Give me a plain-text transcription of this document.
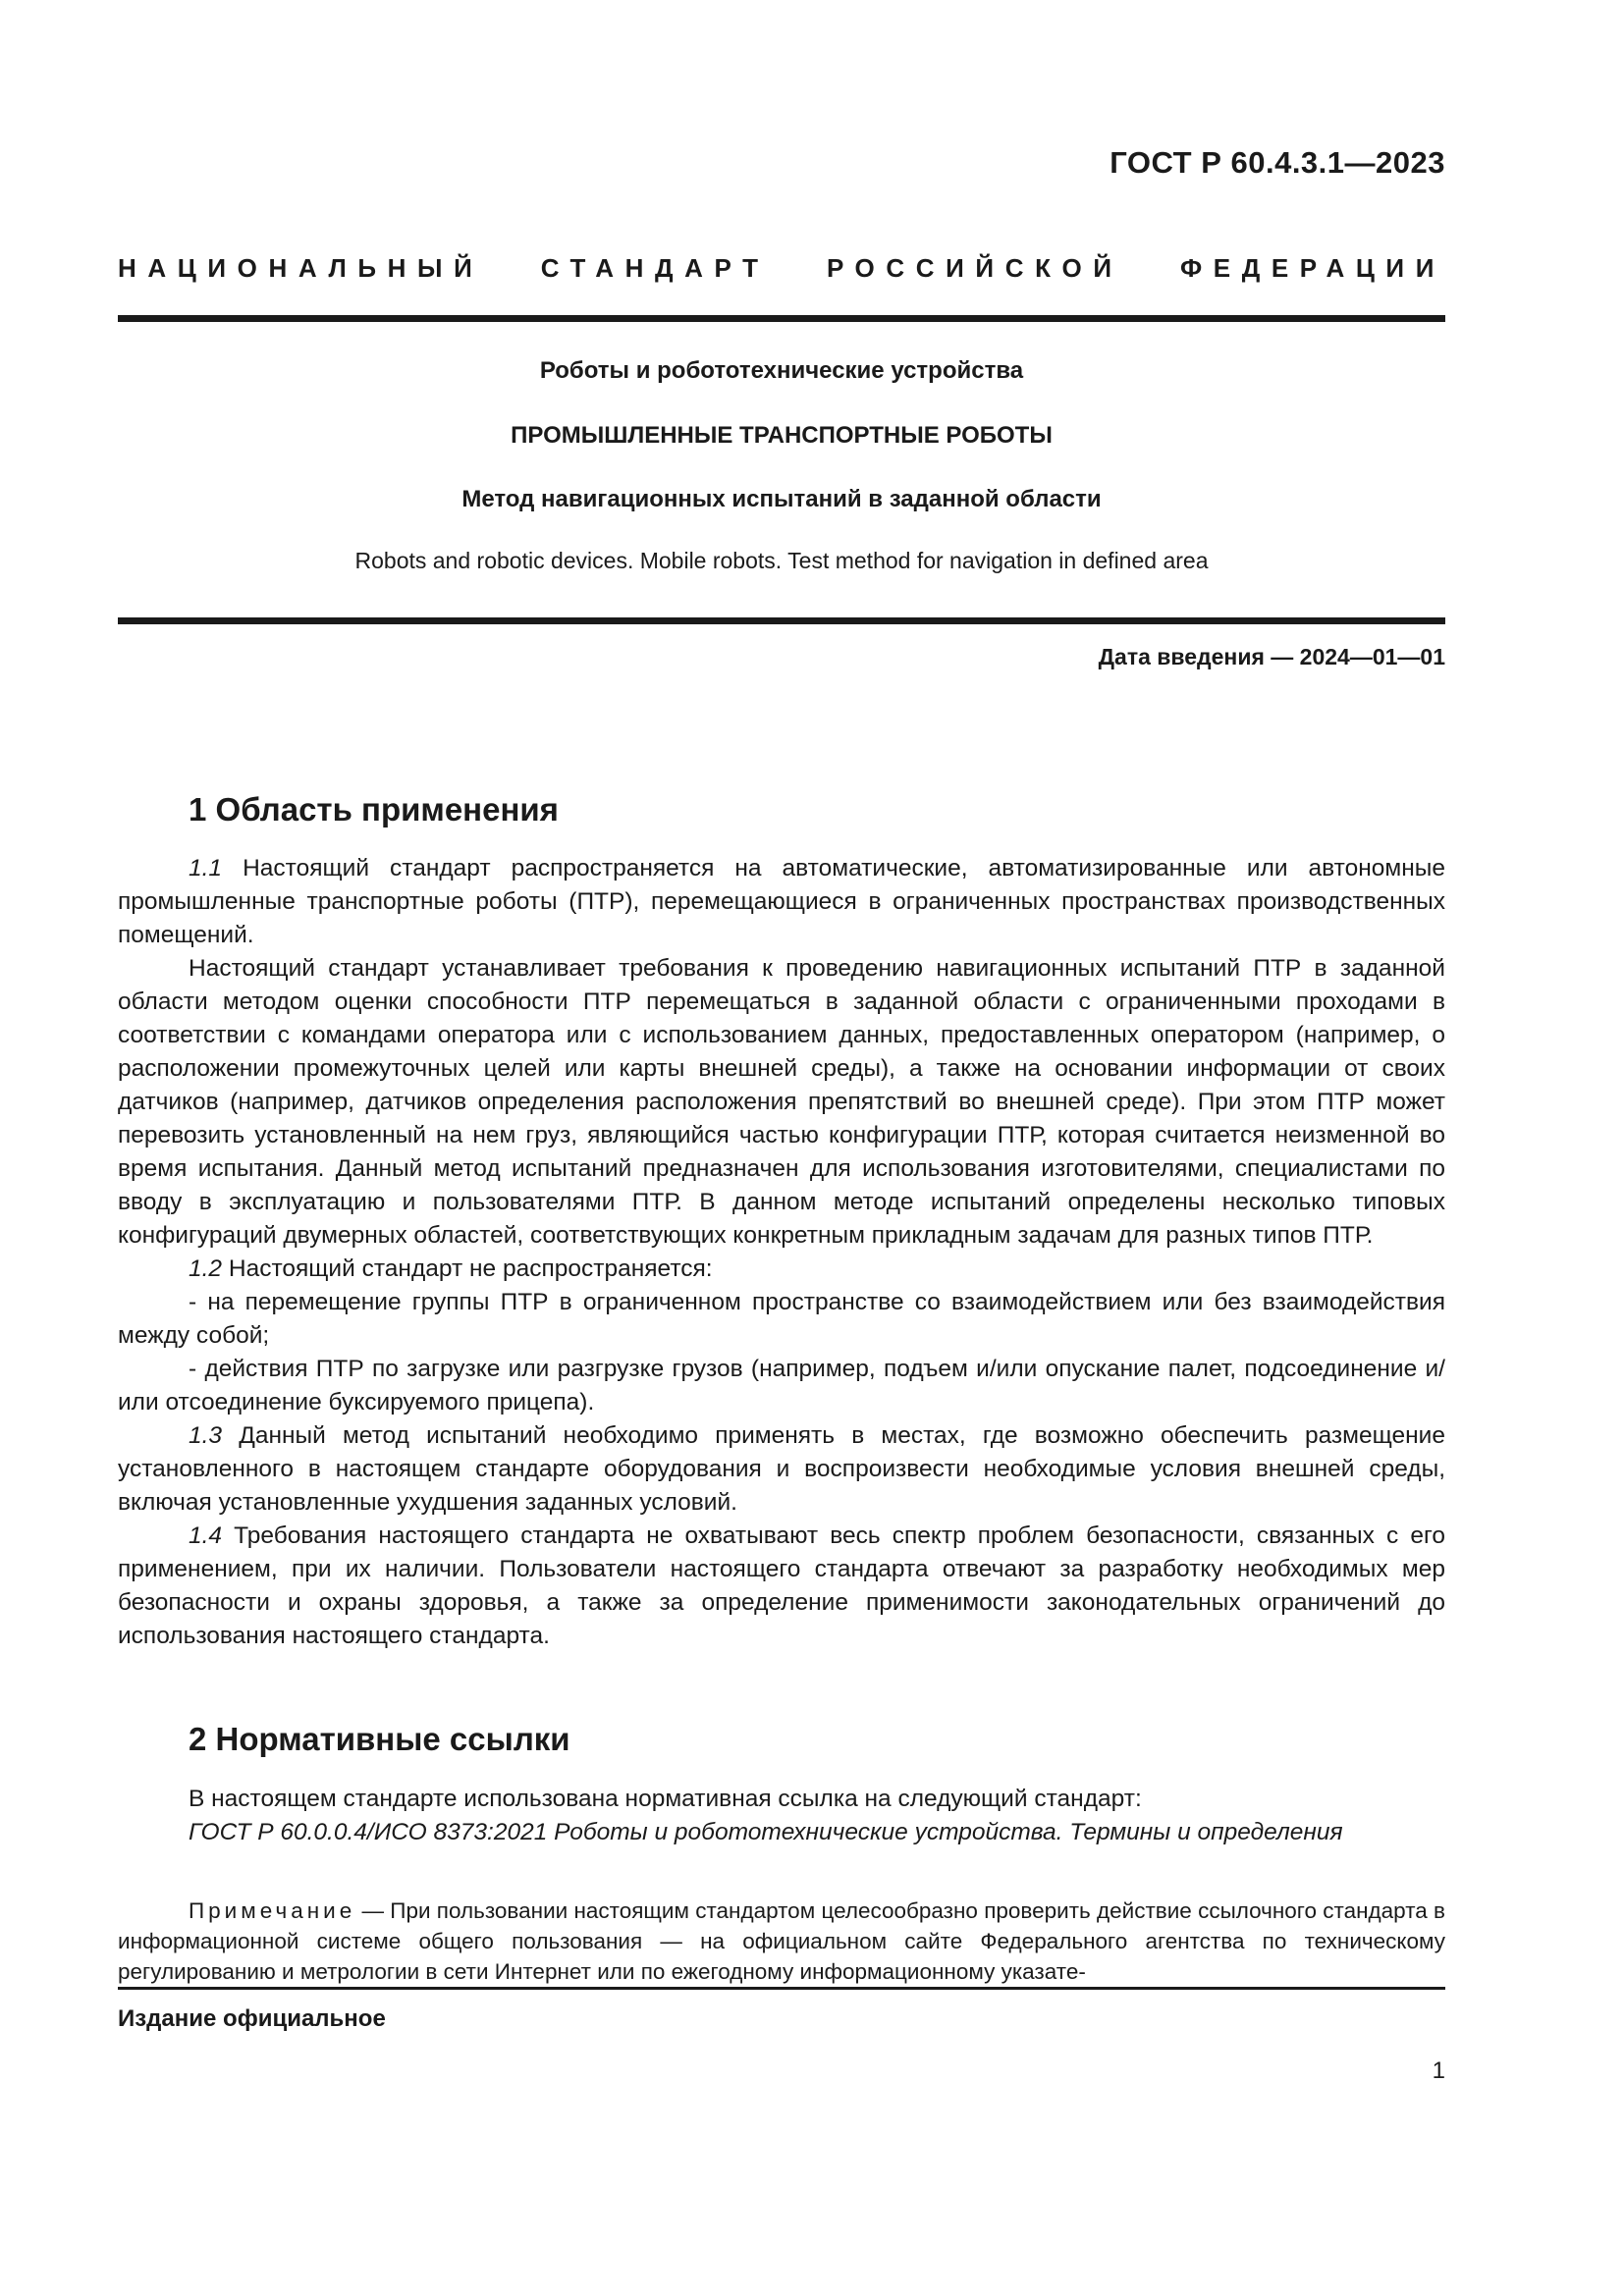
ГОСТ Р 60.4.3.1—2023
НАЦИОНАЛЬНЫЙ СТАНДАРТ РОССИЙСКОЙ ФЕДЕРАЦИИ
Роботы и робототехнические устройства
ПРОМЫШЛЕННЫЕ ТРАНСПОРТНЫЕ РОБОТЫ
Метод навигационных испытаний в заданной области
Robots and robotic devices. Mobile robots. Test method for navigation in defined area
Дата введения — 2024—01—01
1 Область применения

1.1 Настоящий стандарт распространяется на автоматические, автоматизированные или автономные промышленные транспортные роботы (ПТР), перемещающиеся в ограниченных пространствах производственных помещений.

Настоящий стандарт устанавливает требования к проведению навигационных испытаний ПТР в заданной области методом оценки способности ПТР перемещаться в заданной области с ограниченными проходами в соответствии с командами оператора или с использованием данных, предоставленных оператором (например, о расположении промежуточных целей или карты внешней среды), а также на основании информации от своих датчиков (например, датчиков определения расположения препятствий во внешней среде). При этом ПТР может перевозить установленный на нем груз, являющийся частью конфигурации ПТР, которая считается неизменной во время испытания. Данный метод испытаний предназначен для использования изготовителями, специалистами по вводу в эксплуатацию и пользователями ПТР. В данном методе испытаний определены несколько типовых конфигураций двумерных областей, соответствующих конкретным прикладным задачам для разных типов ПТР.

1.2 Настоящий стандарт не распространяется:

- на перемещение группы ПТР в ограниченном пространстве со взаимодействием или без взаимодействия между собой;

- действия ПТР по загрузке или разгрузке грузов (например, подъем и/или опускание палет, подсоединение и/или отсоединение буксируемого прицепа).

1.3 Данный метод испытаний необходимо применять в местах, где возможно обеспечить размещение установленного в настоящем стандарте оборудования и воспроизвести необходимые условия внешней среды, включая установленные ухудшения заданных условий.

1.4 Требования настоящего стандарта не охватывают весь спектр проблем безопасности, связанных с его применением, при их наличии. Пользователи настоящего стандарта отвечают за разработку необходимых мер безопасности и охраны здоровья, а также за определение применимости законодательных ограничений до использования настоящего стандарта.

2 Нормативные ссылки

В настоящем стандарте использована нормативная ссылка на следующий стандарт:

ГОСТ Р 60.0.0.4/ИСО 8373:2021 Роботы и робототехнические устройства. Термины и определения

Примечание — При пользовании настоящим стандартом целесообразно проверить действие ссылочного стандарта в информационной системе общего пользования — на официальном сайте Федерального агентства по техническому регулированию и метрологии в сети Интернет или по ежегодному информационному указате-

Издание официальное
1
